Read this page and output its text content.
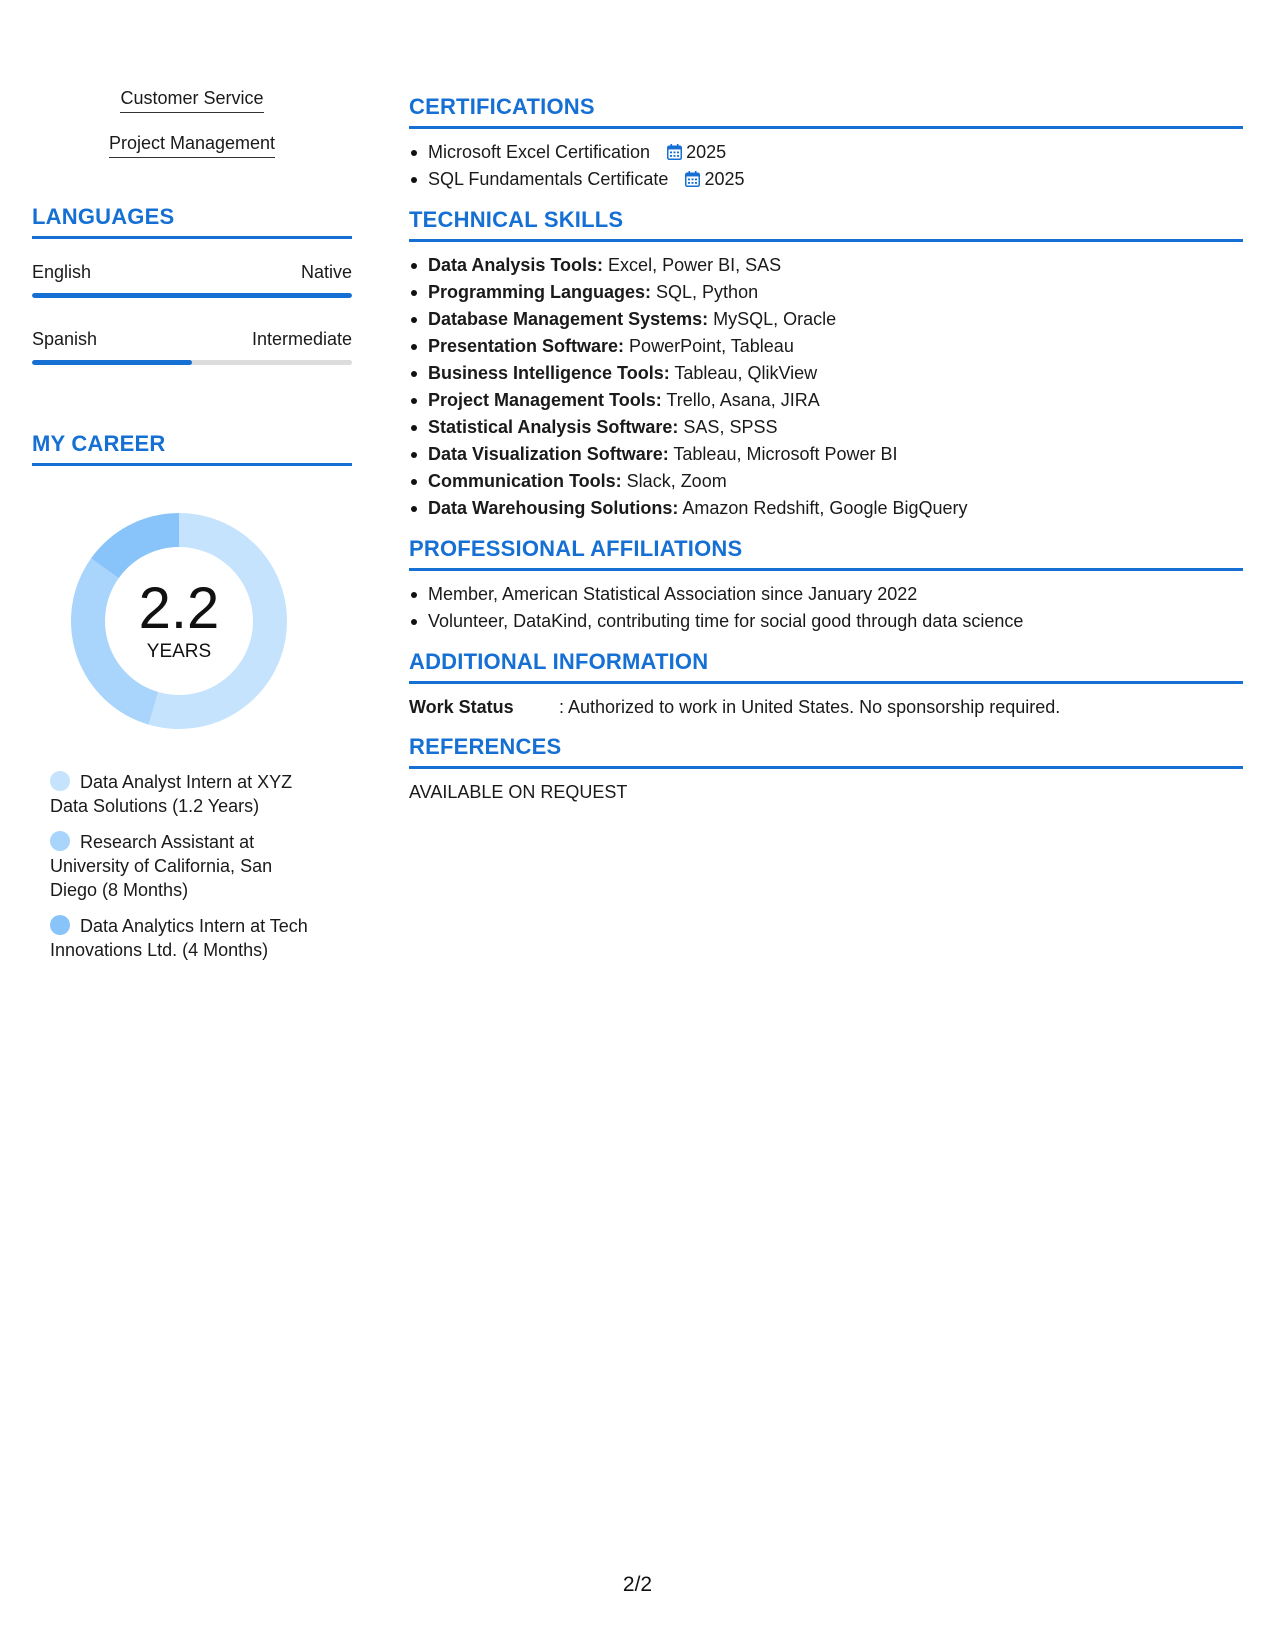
Customer Service
Project Management
LANGUAGES
English	Native
Spanish	Intermediate
MY CAREER
2.2
YEARS
Data Analyst Intern at XYZ Data Solutions (1.2 Years)
Research Assistant at University of California, San Diego (8 Months)
Data Analytics Intern at Tech Innovations Ltd. (4 Months)
CERTIFICATIONS
Microsoft Excel Certification 2025
SQL Fundamentals Certificate 2025
TECHNICAL SKILLS
Data Analysis Tools: Excel, Power BI, SAS
Programming Languages: SQL, Python
Database Management Systems: MySQL, Oracle
Presentation Software: PowerPoint, Tableau
Business Intelligence Tools: Tableau, QlikView
Project Management Tools: Trello, Asana, JIRA
Statistical Analysis Software: SAS, SPSS
Data Visualization Software: Tableau, Microsoft Power BI
Communication Tools: Slack, Zoom
Data Warehousing Solutions: Amazon Redshift, Google BigQuery
PROFESSIONAL AFFILIATIONS
Member, American Statistical Association since January 2022
Volunteer, DataKind, contributing time for social good through data science
ADDITIONAL INFORMATION
Work Status	: Authorized to work in United States. No sponsorship required.
REFERENCES
AVAILABLE ON REQUEST
2/2
